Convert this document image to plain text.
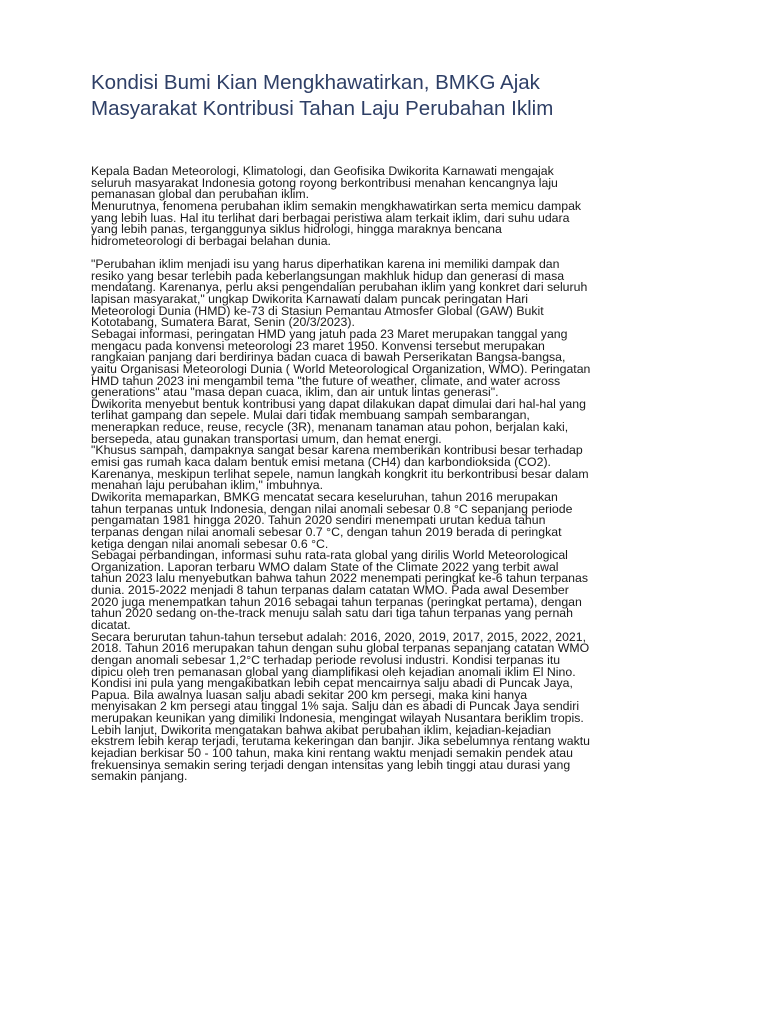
Kondisi Bumi Kian Mengkhawatirkan, BMKG Ajak
Masyarakat Kontribusi Tahan Laju Perubahan Iklim
Kepala Badan Meteorologi, Klimatologi, dan Geofisika Dwikorita Karnawati mengajak
seluruh masyarakat Indonesia gotong royong berkontribusi menahan kencangnya laju
pemanasan global dan perubahan iklim.
Menurutnya, fenomena perubahan iklim semakin mengkhawatirkan serta memicu dampak
yang lebih luas. Hal itu terlihat dari berbagai peristiwa alam terkait iklim, dari suhu udara
yang lebih panas, terganggunya siklus hidrologi, hingga maraknya bencana
hidrometeorologi di berbagai belahan dunia.
"Perubahan iklim menjadi isu yang harus diperhatikan karena ini memiliki dampak dan
resiko yang besar terlebih pada keberlangsungan makhluk hidup dan generasi di masa
mendatang. Karenanya, perlu aksi pengendalian perubahan iklim yang konkret dari seluruh
lapisan masyarakat," ungkap Dwikorita Karnawati dalam puncak peringatan Hari
Meteorologi Dunia (HMD) ke-73 di Stasiun Pemantau Atmosfer Global (GAW) Bukit
Kototabang, Sumatera Barat, Senin (20/3/2023).
Sebagai informasi, peringatan HMD yang jatuh pada 23 Maret merupakan tanggal yang
mengacu pada konvensi meteorologi 23 maret 1950. Konvensi tersebut merupakan
rangkaian panjang dari berdirinya badan cuaca di bawah Perserikatan Bangsa-bangsa,
yaitu Organisasi Meteorologi Dunia ( World Meteorological Organization, WMO). Peringatan
HMD tahun 2023 ini mengambil tema "the future of weather, climate, and water across
generations" atau "masa depan cuaca, iklim, dan air untuk lintas generasi".
Dwikorita menyebut bentuk kontribusi yang dapat dilakukan dapat dimulai dari hal-hal yang
terlihat gampang dan sepele. Mulai dari tidak membuang sampah sembarangan,
menerapkan reduce, reuse, recycle (3R), menanam tanaman atau pohon, berjalan kaki,
bersepeda, atau gunakan transportasi umum, dan hemat energi.
"Khusus sampah, dampaknya sangat besar karena memberikan kontribusi besar terhadap
emisi gas rumah kaca dalam bentuk emisi metana (CH4) dan karbondioksida (CO2).
Karenanya, meskipun terlihat sepele, namun langkah kongkrit itu berkontribusi besar dalam
menahan laju perubahan iklim," imbuhnya.
Dwikorita memaparkan, BMKG mencatat secara keseluruhan, tahun 2016 merupakan
tahun terpanas untuk Indonesia, dengan nilai anomali sebesar 0.8 °C sepanjang periode
pengamatan 1981 hingga 2020. Tahun 2020 sendiri menempati urutan kedua tahun
terpanas dengan nilai anomali sebesar 0.7 °C, dengan tahun 2019 berada di peringkat
ketiga dengan nilai anomali sebesar 0.6 °C.
Sebagai perbandingan, informasi suhu rata-rata global yang dirilis World Meteorological
Organization. Laporan terbaru WMO dalam State of the Climate 2022 yang terbit awal
tahun 2023 lalu menyebutkan bahwa tahun 2022 menempati peringkat ke-6 tahun terpanas
dunia. 2015-2022 menjadi 8 tahun terpanas dalam catatan WMO. Pada awal Desember
2020 juga menempatkan tahun 2016 sebagai tahun terpanas (peringkat pertama), dengan
tahun 2020 sedang on-the-track menuju salah satu dari tiga tahun terpanas yang pernah
dicatat.
Secara berurutan tahun-tahun tersebut adalah: 2016, 2020, 2019, 2017, 2015, 2022, 2021,
2018. Tahun 2016 merupakan tahun dengan suhu global terpanas sepanjang catatan WMO
dengan anomali sebesar 1,2°C terhadap periode revolusi industri. Kondisi terpanas itu
dipicu oleh tren pemanasan global yang diamplifikasi oleh kejadian anomali iklim El Nino.
Kondisi ini pula yang mengakibatkan lebih cepat mencairnya salju abadi di Puncak Jaya,
Papua. Bila awalnya luasan salju abadi sekitar 200 km persegi, maka kini hanya
menyisakan 2 km persegi atau tinggal 1% saja. Salju dan es abadi di Puncak Jaya sendiri
merupakan keunikan yang dimiliki Indonesia, mengingat wilayah Nusantara beriklim tropis.
Lebih lanjut, Dwikorita mengatakan bahwa akibat perubahan iklim, kejadian-kejadian
ekstrem lebih kerap terjadi, terutama kekeringan dan banjir. Jika sebelumnya rentang waktu
kejadian berkisar 50 - 100 tahun, maka kini rentang waktu menjadi semakin pendek atau
frekuensinya semakin sering terjadi dengan intensitas yang lebih tinggi atau durasi yang
semakin panjang.
